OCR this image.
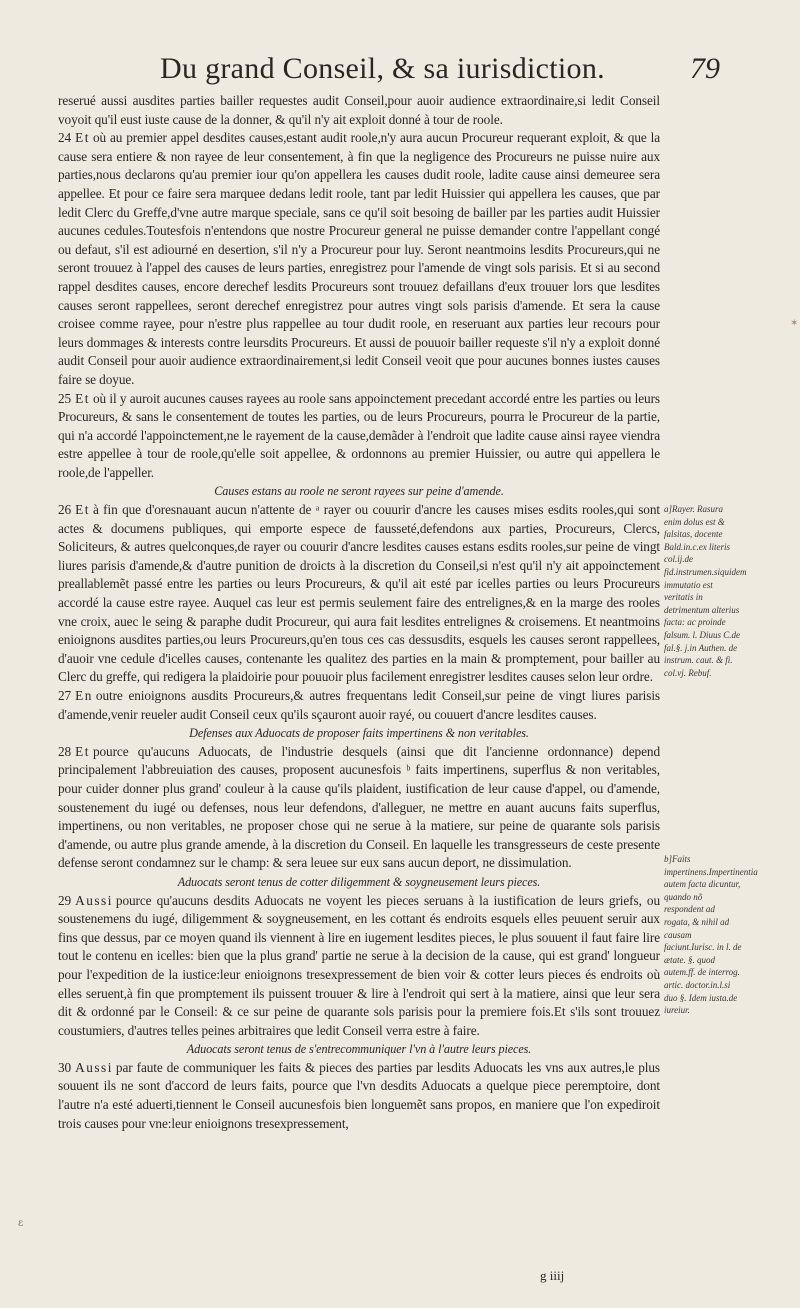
Du grand Conseil, & sa iurisdiction.	79

reserué aussi ausdites parties bailler requestes audit Conseil,pour auoir audience extraordinaire,si ledit Conseil voyoit qu'il eust iuste cause de la donner, & qu'il n'y ait exploit donné à tour de roole.

24 Et où au premier appel desdites causes,estant audit roole,n'y aura aucun Procureur requerant exploit, & que la cause sera entiere & non rayee de leur consentement, à fin que la negligence des Procureurs ne puisse nuire aux parties,nous declarons qu'au premier iour qu'on appellera les causes dudit roole, ladite cause ainsi demeuree sera appellee. Et pour ce faire sera marquee dedans ledit roole, tant par ledit Huissier qui appellera les causes, que par ledit Clerc du Greffe,d'vne autre marque speciale, sans ce qu'il soit besoing de bailler par les parties audit Huissier aucunes cedules.Toutesfois n'entendons que nostre Procureur general ne puisse demander contre l'appellant congé ou defaut, s'il est adiourné en desertion, s'il n'y a Procureur pour luy. Seront neantmoins lesdits Procureurs,qui ne seront trouuez à l'appel des causes de leurs parties, enregistrez pour l'amende de vingt sols parisis. Et si au second rappel desdites causes, encore derechef lesdits Procureurs sont trouuez defaillans d'eux trouuer lors que lesdites causes seront rappellees, seront derechef enregistrez pour autres vingt sols parisis d'amende. Et sera la cause croisee comme rayee, pour n'estre plus rappellee au tour dudit roole, en reseruant aux parties leur recours pour leurs dommages & interests contre leursdits Procureurs. Et aussi de pouuoir bailler requeste s'il n'y a exploit donné audit Conseil pour auoir audience extraordinairement,si ledit Conseil veoit que pour aucunes bonnes iustes causes faire se doyue.

25 Et où il y auroit aucunes causes rayees au roole sans appoinctement precedant accordé entre les parties ou leurs Procureurs, & sans le consentement de toutes les parties, ou de leurs Procureurs, pourra le Procureur de la partie, qui n'a accordé l'appoinctement,ne le rayement de la cause,demãder à l'endroit que ladite cause ainsi rayee viendra estre appellee à tour de roole,qu'elle soit appellee, & ordonnons au premier Huissier, ou autre qui appellera le roole,de l'appeller.

Causes estans au roole ne seront rayees sur peine d'amende.

26 Et à fin que d'oresnauant aucun n'attente de ᵃ rayer ou couurir d'ancre les causes mises esdits rooles,qui sont actes & documens publiques, qui emporte espece de fausseté,defendons aux parties, Procureurs, Clercs, Soliciteurs, & autres quelconques,de rayer ou couurir d'ancre lesdites causes estans esdits rooles,sur peine de vingt liures parisis d'amende,& d'autre punition de droicts à la discretion du Conseil,si n'est qu'il n'y ait appoinctement preallablemẽt passé entre les parties ou leurs Procureurs, & qu'il ait esté par icelles parties ou leurs Procureurs accordé la cause estre rayee. Auquel cas leur est permis seulement faire des entrelignes,& en la marge des rooles vne croix, auec le seing & paraphe dudit Procureur, qui aura fait lesdites entrelignes & croisemens. Et neantmoins enioignons ausdites parties,ou leurs Procureurs,qu'en tous ces cas dessusdits, esquels les causes seront rappellees, d'auoir vne cedule d'icelles causes, contenante les qualitez des parties en la main & promptement, pour bailler au Clerc du greffe, qui redigera la plaidoirie pour pouuoir plus facilement enregistrer lesdites causes selon leur ordre.

27 En outre enioignons ausdits Procureurs,& autres frequentans ledit Conseil,sur peine de vingt liures parisis d'amende,venir reueler audit Conseil ceux qu'ils sçauront auoir rayé, ou couuert d'ancre lesdites causes.

Defenses aux Aduocats de proposer faits impertinens & non veritables.

28 Et pource qu'aucuns Aduocats, de l'industrie desquels (ainsi que dit l'ancienne ordonnance) depend principalement l'abbreuiation des causes, proposent aucunesfois ᵇ faits impertinens, superflus & non veritables, pour cuider donner plus grand' couleur à la cause qu'ils plaident, iustification de leur cause d'appel, ou d'amende, soustenement du iugé ou defenses, nous leur defendons, d'alleguer, ne mettre en auant aucuns faits superflus, impertinens, ou non veritables, ne proposer chose qui ne serue à la matiere, sur peine de quarante sols parisis d'amende, ou autre plus grande amende, à la discretion du Conseil. En laquelle les transgresseurs de ceste presente defense seront condamnez sur le champ: & sera leuee sur eux sans aucun deport, ne dissimulation.

Aduocats seront tenus de cotter diligemment & soygneusement leurs pieces.

29 Aussi pource qu'aucuns desdits Aduocats ne voyent les pieces seruans à la iustification de leurs griefs, ou soustenemens du iugé, diligemment & soygneusement, en les cottant és endroits esquels elles peuuent seruir aux fins que dessus, par ce moyen quand ils viennent à lire en iugement lesdites pieces, le plus souuent il faut faire lire tout le contenu en icelles: bien que la plus grand' partie ne serue à la decision de la cause, qui est grand' longueur pour l'expedition de la iustice:leur enioignons tresexpressement de bien voir & cotter leurs pieces és endroits où elles seruent,à fin que promptement ils puissent trouuer & lire à l'endroit qui sert à la matiere, ainsi que leur sera dit & ordonné par le Conseil: & ce sur peine de quarante sols parisis pour la premiere fois.Et s'ils sont trouuez coustumiers, d'autres telles peines arbitraires que ledit Conseil verra estre à faire.

Aduocats seront tenus de s'entrecommuniquer l'vn à l'autre leurs pieces.

30 Aussi par faute de communiquer les faits & pieces des parties par lesdits Aduocats les vns aux autres,le plus souuent ils ne sont d'accord de leurs faits, pource que l'vn desdits Aduocats a quelque piece peremptoire, dont l'autre n'a esté aduerti,tiennent le Conseil aucunesfois bien longuemẽt sans propos, en maniere que l'on expediroit trois causes pour vne:leur enioignons tresexpressement,

a]Rayer. Rasura enim dolus est & falsitas, docente Bald.in.c.ex literis col.ij.de fid.instrumen.siquidem immutatio est veritatis in detrimentum alterius facta: ac proinde falsum. l. Diuus C.de fal.§. j.in Authen. de instrum. caut. & fi. col.vj. Rebuf.
b]Faits impertinens.Impertinentia autem facta dicuntur, quando nõ respondent ad rogata, & nihil ad causam faciunt.Iurisc. in l. de ætate. §. quod autem.ff. de interrog. artic. doctor.in.l.si duo §. Idem iusta.de iureiur.
g iiij
✶
ε
